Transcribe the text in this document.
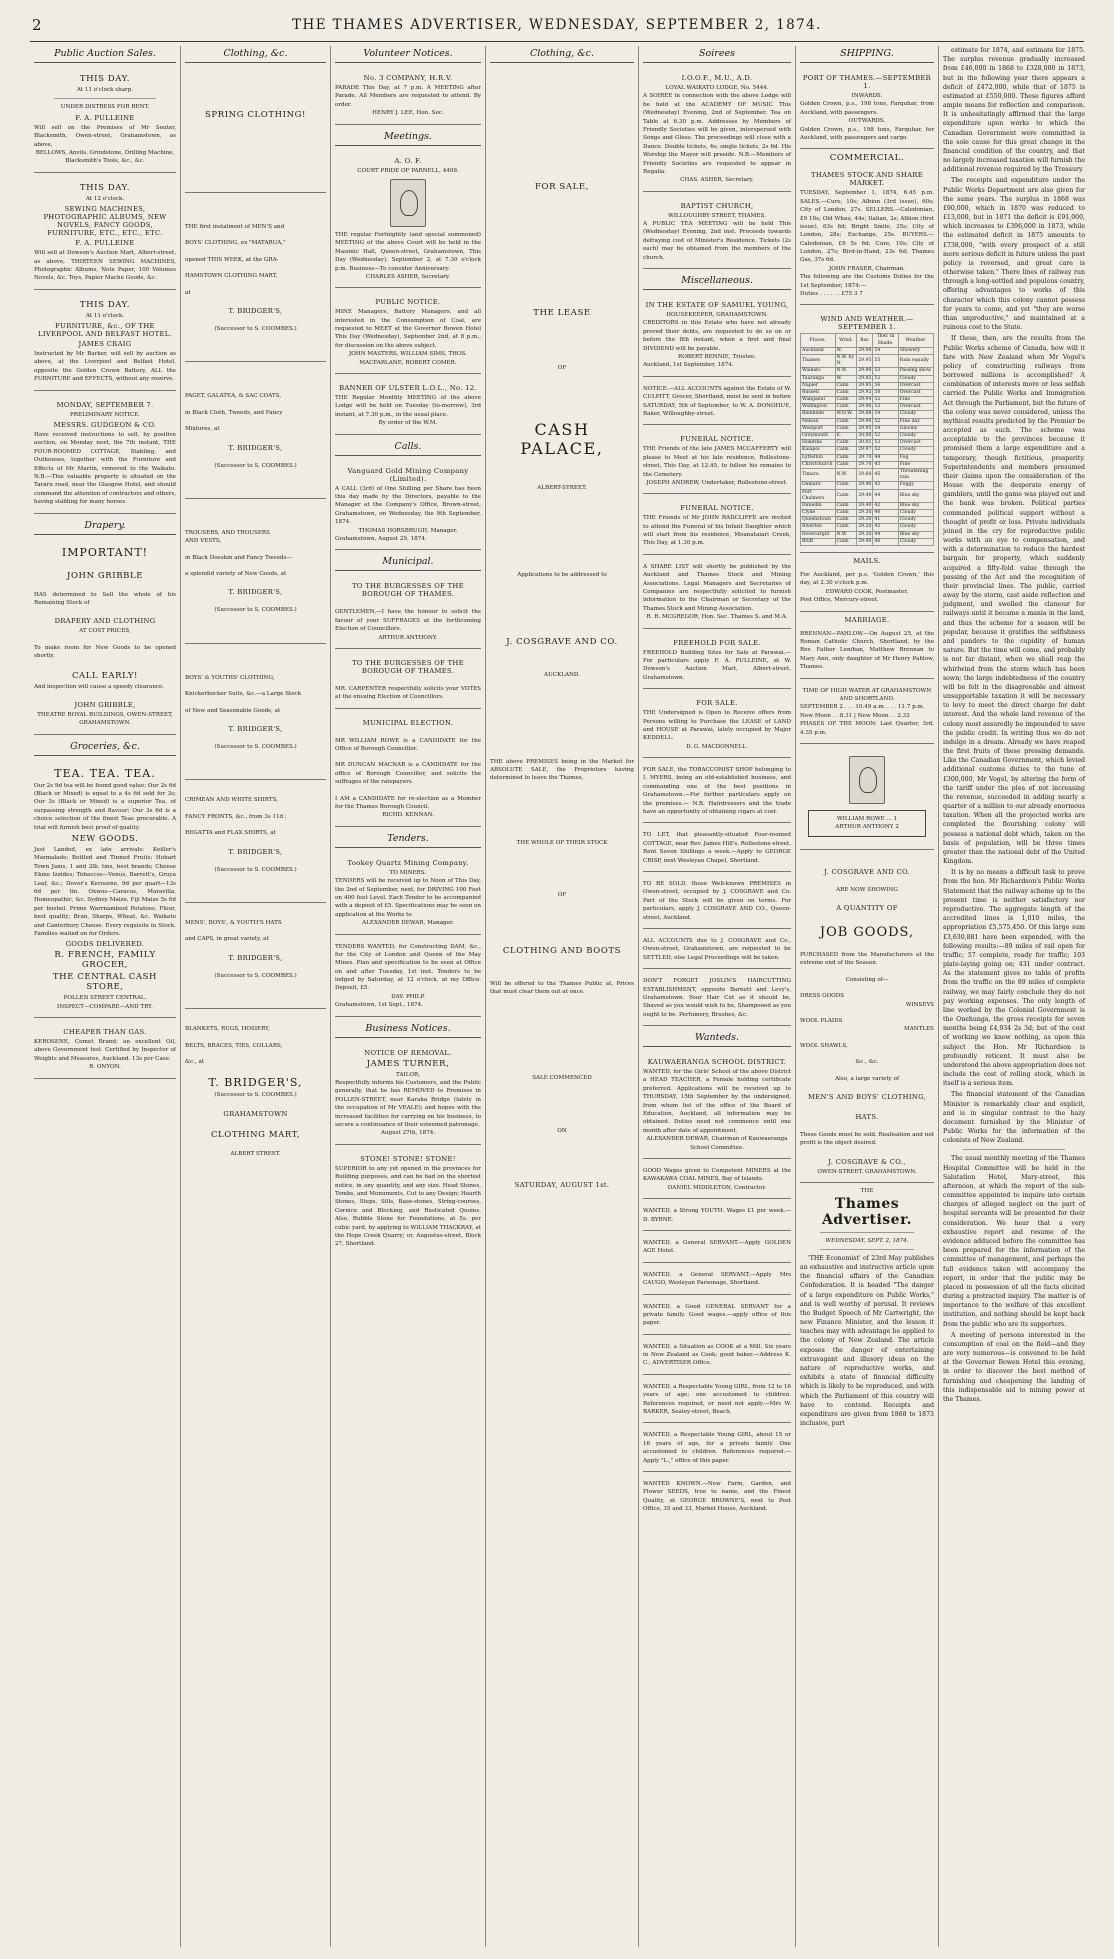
2	THE THAMES ADVERTISER, WEDNESDAY, SEPTEMBER 2, 1874.
Public Auction Sales.
THIS DAY.
At 11 o'clock sharp.
UNDER DISTRESS FOR RENT.
F. A. PULLEINE
Will sell on the Premises of Mr Souter, Blacksmith, Owen-street, Grahamstown, as above,
BELLOWS, Anvils, Grindstone, Drilling Machine, Blacksmith's Tools, &c., &c.
THIS DAY.
At 12 o'clock.
SEWING MACHINES, PHOTOGRAPHIC ALBUMS, NEW NOVELS, FANCY GOODS, FURNITURE, ETC., ETC., ETC.
F. A. PULLEINE
Will sell at Dowson's Auction Mart, Albert-street, as above, THIRTEEN SEWING MACHINES, Photographic Albums, Note Paper, 100 Volumes Novels, &c. Toys, Papier Mache Goods, &c.
THIS DAY.
At 11 o'clock.
FURNITURE, &c., OF THE LIVERPOOL AND BELFAST HOTEL.
JAMES CRAIG
Instructed by Mr Barker, will sell by auction as above, at the Liverpool and Belfast Hotel, opposite the Golden Crown Battery, ALL the FURNITURE and EFFECTS, without any reserve.
MONDAY, SEPTEMBER 7.
PRELIMINARY NOTICE.
MESSRS. GUDGEON & CO.
Have received instructions to sell, by positive auction, on Monday next, the 7th instant, THE FOUR-ROOMED COTTAGE, Stabling, and Outhouses, together with the Furniture and Effects of Mr Martin, removed to the Waikato. N.B.—This valuable property is situated on the Tararu road, near the Glasgow Hotel, and should command the attention of contractors and others, having stabling for many horses.
Drapery.
IMPORTANT!
JOHN GRIBBLE
HAS determined to Sell the whole of his Remaining Stock of
DRAPERY AND CLOTHING
AT COST PRICES,
To make room for New Goods to be opened shortly.
CALL EARLY!
And inspection will cause a speedy clearance.
JOHN GRIBBLE,
THEATRE ROYAL BUILDINGS, OWEN-STREET, GRAHAMSTOWN.
Groceries, &c.
TEA. TEA. TEA.
Our 2s 9d tea will be found good value; Our 2s 6d (Black or Mixed) is equal to a 4s 6d sold for 3s; Our 3s (Black or Mixed) is a superior Tea, of surpassing strength and flavour; Our 3s 6d is a choice selection of the finest Teas procurable. A trial will furnish best proof of quality.
NEW GOODS.
Just Landed, ex late arrivals: Keiller's Marmalade; Bottled and Tinned Fruits; Hobart Town Jams, 1 and 2lb. tins, best brands; Cheese Ekme Izzides; Tobaccos—Venus, Barrett's, Gruya Leaf, &c.; Dover's Kerosene, 9d per quart—13s 6d per tin. Oxwos—Caracus, Maravilla, Homeopathic, &c. Sydney Maize, Fiji Maize 5s 6d per bushel. Prime Warrnambool Potatoes. Flour, best quality; Bran, Sharps, Wheat, &c. Waikato and Canterbury Cheese. Every requisite in Stock. Families waited on for Orders.
GOODS DELIVERED.
R. FRENCH, FAMILY GROCER,
THE CENTRAL CASH STORE,
POLLEN STREET CENTRAL.
INSPECT—COMPARE—AND TRY.
CHEAPER THAN GAS.
KEROSENE, Comet Brand; an excellent Oil, above Government test. Certified by Inspector of Weights and Measures, Auckland. 13s per Case.
R. ONYON.
Clothing, &c.
SPRING CLOTHING!
THE first instalment of MEN'S and
BOYS' CLOTHING, ex "MATARUA,"
opened THIS WEEK, at the GRA-
HAMSTOWN CLOTHING MART,
at
T. BRIDGER'S,
(Successor to S. COOMBES.)
PAGET, GALATEA, & SAC COATS,
in Black Cloth, Tweeds, and Fancy
Mixtures, at
T. BRIDGER'S,
(Successor to S. COOMBES.)
TROUSERS, AND TROUSERS
AND VESTS,
in Black Doeskin and Fancy Tweeds—
a splendid variety of New Goods, at
T. BRIDGER'S,
(Successor to S. COOMBES.)
BOYS' & YOUTHS' CLOTHING,
Knickerbocker Suits, &c.—a Large Stock
of New and Seasonable Goods, at
T. BRIDGER'S,
(Successor to S. COOMBES.)
CRIMEAN AND WHITE SHIRTS,
FANCY FRONTS, &c., from 3s 11d ;
REGATTA and FLAX SHIRTS, at
T. BRIDGER'S,
(Successor to S. COOMBES.)
MENS', BOYS', & YOUTH'S HATS
and CAPS, in great variety, at
T. BRIDGER'S,
(Successor to S. COOMBES.)
BLANKETS, RUGS, HOSIERY,
BELTS, BRACES, TIES, COLLARS,
&c., at
T. BRIDGER'S,
(Successor to S. COOMBES.)
GRAHAMSTOWN
CLOTHING MART,
ALBERT STREET.
Volunteer Notices.
No. 3 COMPANY, H.R.V.
PARADE This Day, at 7 p.m. A MEETING after Parade. All Members are requested to attend. By order.
HENRY J. LEE, Hon. Sec.
Meetings.
A. O. F.
COURT PRIDE OF PARNELL, 4409.
THE regular Fortnightly (and special summoned) MEETING of the above Court will be held in the Masonic Hall, Queen-street, Grahamstown, This Day (Wednesday), September 2, at 7.30 o'clock p.m. Business—To consider Anniversary.
CHARLES ASHER, Secretary.
PUBLIC NOTICE.
MINE Managers, Battery Managers, and all interested in the Consumption of Coal, are requested to MEET at the Governor Bowen Hotel This Day (Wednesday), September 2nd, at 8 p.m., for discussion on the above subject.
JOHN MASTERS, WILLIAM SIMS, THOS. MACFARLANE, ROBERT COMER.
BANNER OF ULSTER L.O.L., No. 12.
THE Regular Monthly MEETING of the above Lodge will be held on Tuesday (to-morrow), 3rd instant, at 7.30 p.m., in the usual place.
By order of the W.M.
Calls.
Vanguard Gold Mining Company (Limited).
A CALL (3rd) of One Shilling per Share has been this day made by the Directors, payable to the Manager at the Company's Office, Brown-street, Grahamstown, on Wednesday, the 9th September, 1874.
THOMAS HORSBRUGH, Manager.
Grahamstown, August 29, 1874.
Municipal.
TO THE BURGESSES OF THE BOROUGH OF THAMES.
GENTLEMEN,—I have the honour to solicit the favour of your SUFFRAGES at the forthcoming Election of Councillors.
ARTHUR ANTHONY.
TO THE BURGESSES OF THE BOROUGH OF THAMES.
MR. CARPENTER respectfully solicits your VOTES at the ensuing Election of Councillors.
MUNICIPAL ELECTION.
MR WILLIAM ROWE is a CANDIDATE for the Office of Borough Councillor.
MR DUNCAN MACNAB is a CANDIDATE for the office of Borough Councillor, and solicits the suffrages of the ratepayers.
I AM a CANDIDATE for re-election as a Member for the Thames Borough Council.
RICHD. KENNAN.
Tenders.
Tookey Quartz Mining Company.
TO MINERS.
TENDERS will be received up to Noon of This Day, the 2nd of September, next, for DRIVING 100 Feet on 400 feet Level. Each Tender to be accompanied with a deposit of £5. Specifications may be seen on application at the Works to
ALEXANDER DEWAR, Manager.
TENDERS WANTED, for Constructing DAM, &c., for the City of London and Queen of the May Mines. Plan and specification to be seen at Office on and after Tuesday, 1st inst. Tenders to be lodged by Saturday, at 12 o'clock, at my Office. Deposit, £5.
DAV. PHILP.
Grahamstown, 1st Sept., 1874.
Business Notices.
NOTICE OF REMOVAL.
JAMES TURNER,
TAILOR,
Respectfully informs his Customers, and the Public generally, that he has REMOVED to Premises in POLLEN-STREET, near Karaka Bridge (lately in the occupation of Mr VEALE); and hopes with the increased facilities for carrying on his business, to secure a continuance of their esteemed patronage.
August 27th, 1874.
STONE! STONE! STONE!
SUPERIOR to any yet opened in the provinces for Building purposes, and can be had on the shortest notice, in any quantity, and any size. Head Stones, Tombs, and Monuments, Cut to any Design; Hearth Stones, Steps, Sills, Base-stones, String-courses, Cornice and Blocking, and Rusticated Quoins. Also, Rubble Stone for Foundations, at 5s. per cubic yard, by applying to WILLIAM THACKRAY, at the Hope Creek Quarry; or, Augustus-street, Block 27, Shortland.
Clothing, &c.
FOR SALE,
THE LEASE
OF
CASH PALACE,
ALBERT-STREET.
Applications to be addressed to
J. COSGRAVE AND CO.
AUCKLAND.
THE above PREMISES being in the Market for ABSOLUTE SALE, the Proprietors having determined to leave the Thames,
THE WHOLE OF THEIR STOCK
OF
CLOTHING AND BOOTS
Will be offered to the Thames Public at, Prices that must clear them out at once.
SALE COMMENCED
ON
SATURDAY, AUGUST 1st.
Soirees
I.O.O.F., M.U., A.D.
LOYAL WAIKATO LODGE, No. 5444.
A SOIREE in connection with the above Lodge will be held at the ACADEMY OF MUSIC This (Wednesday) Evening, 2nd of September. Tea on Table at 6.30 p.m. Addresses by Members of Friendly Societies will be given, interspersed with Songs and Glees. The proceedings will close with a Dance. Double tickets, 4s; single tickets, 2s 6d. His Worship the Mayor will preside. N.B.—Members of Friendly Societies are requested to appear in Regalia.
CHAS. ASHER, Secretary.
BAPTIST CHURCH,
WILLOUGHBY STREET, THAMES.
A PUBLIC TEA MEETING will be held This (Wednesday) Evening, 2nd inst. Proceeds towards defraying cost of Minister's Residence. Tickets (2s each) may be obtained from the members of the church.
Miscellaneous.
IN THE ESTATE OF SAMUEL YOUNG,
HOUSEKEEPER, GRAHAMSTOWN.
CREDITORS in this Estate who have not already proved their debts, are requested to do so on or before the 8th instant, when a first and final DIVIDEND will be payable.
ROBERT BENNIE, Trustee.
Auckland, 1st September, 1874.
NOTICE.—ALL ACCOUNTS against the Estate of W. CULPITT, Grocer, Shortland, must be sent in before SATURDAY, 5th of September, to W. A. DONOHUE, Baker, Willoughby-street.
FUNERAL NOTICE.
THE Friends of the late JAMES MCCAFFERTY will please to Meet at his late residence, Rollestone-street, This Day, at 12.45, to follow his remains to the Cemetery.
JOSEPH ANDREW, Undertaker, Rollestone-street.
FUNERAL NOTICE.
THE Friends of Mr JOHN RADCLIFFE are invited to attend the Funeral of his Infant Daughter which will start from his residence, Moanataiari Creek, This Day, at 1.30 p.m.
A SHARE LIST will shortly be published by the Auckland and Thames Stock and Mining Associations. Legal Managers and Secretaries of Companies are respectfully solicited to furnish information to the Chairman or Secretary of the Thames Stock and Mining Association.
R. R. MCGREGOR, Hon. Sec. Thames S. and M.A.
FREEHOLD FOR SALE.
FREEHOLD Building Sites for Sale at Parawai.—For particulars apply F. A. PULLEINE, at W. Dowson's Auction Mart, Albert-street, Grahamstown.
FOR SALE.
THE Undersigned is Open to Receive offers from Persons willing to Purchase the LEASE of LAND and HOUSE at Parawai, lately occupied by Major KEDDELL.
D. G. MACDONNELL.
FOR SALE, the TOBACCONIST SHOP belonging to I. MYERS, being an old-established business, and commanding one of the best positions in Grahamstown.—For further particulars apply on the premises.— N.B. Hairdressers and the trade have an opportunity of obtaining cigars at cost.
TO LET, that pleasantly-situated Four-roomed COTTAGE, near Rev. James Hill's, Rollestone-street. Rent Seven Shillings a week.—Apply to GEORGE CRISP, next Wesleyan Chapel, Shortland.
TO BE SOLD, those Well-known PREMISES in Owen-street, occupied by J. COSGRAVE and Co. Part of the Stock will be given on terms. For particulars, apply J. COSGRAVE AND CO., Queen-street, Auckland.
ALL ACCOUNTS due to J. COSGRAVE and Co., Owen-street, Grahamstown, are requested to be SETTLED, else Legal Proceedings will be taken.
DON'T FORGET JOSLIN'S HAIRCUTTING ESTABLISHMENT, opposite Barnett and Levy's, Grahamstown. Your Hair Cut as it should be, Shaved as you would wish to be, Shampooed as you ought to be. Perfumery, Brushes, &c.
Wanteds.
KAUWAERANGA SCHOOL DISTRICT.
WANTED, for the Girls' School of the above District a HEAD TEACHER, a Female holding certificate preferred. Applications will be received up to THURSDAY, 15th September by the undersigned, from whom list of the office of the Board of Education, Auckland, all information may be obtained. Duties need not commence until one month after date of appointment.
ALEXANDER DEWAR, Chairman of Kauwaeranga School Committee.
GOOD Wages given to Competent MINERS at the KAWAKAWA COAL MINES, Bay of Islands.
DANIEL MIDDLETON, Contractor.
WANTED, a Strong YOUTH. Wages £1 per week.—D. BYRNE.
WANTED, a General SERVANT.—Apply GOLDEN AGE Hotel.
WANTED, a General SERVANT.—Apply Mrs CAUGO, Wesleyan Parsonage, Shortland.
WANTED, a Good GENERAL SERVANT for a private family. Good wages.—apply office of this paper.
WANTED, a Situation as COOK at a Mill. Six years in New Zealand as Cook; good baker.—Address K. C., ADVERTISER Office.
WANTED, a Respectable Young GIRL, from 12 to 16 years of age; one accustomed to children. References required, or need not apply.—Mrs W. BARKER, Sealey-street, Beach.
WANTED, a Respectable Young GIRL, about 15 or 16 years of age, for a private family. One accustomed to children. References required.—Apply "L.," office of this paper.
WANTED KNOWN.—New Farm, Garden, and Flower SEEDS, true to name, and the Finest Quality, at GEORGE BROWNE'S, next to Post Office, 35 and 33, Market House, Auckland.
SHIPPING.
PORT OF THAMES.—SEPTEMBER 1.
INWARDS.
Golden Crown, p.s., 198 tons, Farquhar, from Auckland, with passengers.
OUTWARDS.
Golden Crown, p.s., 198 tons, Farquhar, for Auckland, with passengers and cargo.
COMMERCIAL.
THAMES STOCK AND SHARE MARKET.
TUESDAY, September 1, 1874, 6.45 p.m. SALES.—Cure, 10s; Albion (3rd issue), 60s; City of London, 27s. SELLERS.—Caledonian, £9 10s; Old Whau, 44s; Italian, 2s; Albion (first issue), 63s 6d; Bright Smile, 35s; City of London, 28s; Exchange, 25s. BUYERS.—Caledonian, £9 5s 6d; Cure, 10s; City of London, 27s; Bird-in-Hand, 23s 6d; Thames Gas, 37s 6d.
JOHN FRASER, Chairman.
The following are the Customs Duties for the 1st September, 1874:—
Duties . . . . . . £75 3 7
WIND AND WEATHER.—SEPTEMBER 1.
Places.	Wind.	Bar.	Ther. in Shade.	Weather.
Auckland	W.	29.98	54	Showery
Thames	N.W. by N.	29.95	55	Rain equally
Waikato	N.W.	29.90	53	Passing show
Tauranga	W.	29.85	52	Cloudy
Napier	Calm	29.95	56	Overcast
Russell	Calm	29.92	58	Overcast
Wanganui	Calm	29.94	52	Fine
Wellington	Calm	29.90	53	Overcast
Blenheim	W.N.W.	29.88	54	Cloudy
Nelson	Calm	29.90	52	Fine day
Westport	Calm	29.95	54	Gloomy
Greymouth	E.	30.00	52	Cloudy
Hokitika	Calm	30.01	53	Overcast
Kaiapoi	Calm	29.97	52	Cloudy
Lyttelton	Calm	29.70	44	Fog
Christchurch	Calm	29.70	43	Fine
Timaru	N.W.	29.60	45	Threatening rain
Oamaru	Calm	29.40	43	Foggy
Port Chalmers	Calm	29.40	44	Blue sky
Dunedin	Calm	29.40	42	Blue sky
Clyde	Calm	29.30	40	Cloudy
Queenstown	Calm	29.30	41	Cloudy
Riverton	Calm	29.20	42	Cloudy
Invercargill	N.W.	29.30	44	Blue sky
Bluff	Calm	29.40	46	Cloudy
MAILS.
For Auckland, per p.s. 'Golden Crown,' this day, at 2.30 o'clock p.m.
EDWARD COOK, Postmaster.
Post Office, Mercury-street.
MARRIAGE.
BRENNAN—PAHLOW.—On August 25, at the Roman Catholic Church, Shortland, by the Rev. Father Lenihan, Matthew Brennan to Mary Ann, only daughter of Mr Henry Pahlow, Thames.
TIME OF HIGH WATER AT GRAHAMSTOWN AND SHORTLAND.
SEPTEMBER 2 . . . 10.49 a.m. . . . 11.7 p.m.
New Moon . . 8.31 | New Moon . . 2.32
PHASES OF THE MOON: Last Quarter, 3rd, 4.35 p.m.
WILLIAM ROWE ... 1
ARTHUR ANTHONY 2
J. COSGRAVE AND CO.
ARE NOW SHOWING
A QUANTITY OF
JOB GOODS,
PURCHASED from the Manufacturers at the extreme end of the Season.
Consisting of—
DRESS GOODS
WINSEYS
WOOL PLAIDS
MANTLES
WOOL SHAWLS,
&c., &c.
Also, a large variety of
MEN'S AND BOYS' CLOTHING,
HATS.
These Goods must be sold. Realisation and not profit is the object desired.
J. COSGRAVE & CO.,
OWEN-STREET, GRAHAMSTOWN.
THE
Thames Advertiser.
WEDNESDAY, SEPT. 2, 1874.
'THE Economist' of 23rd May publishes an exhaustive and instructive article upon the financial affairs of the Canadian Confederation. It is headed "The danger of a large expenditure on Public Works," and is well worthy of perusal. It reviews the Budget Speech of Mr Cartwright, the new Finance Minister, and the lesson it teaches may with advantage be applied to the colony of New Zealand. The article exposes the danger of entertaining extravagant and illusory ideas on the nature of reproductive works, and exhibits a state of financial difficulty which is likely to be reproduced, and with which the Parliament of this country will have to contend. Receipts and expenditure are given from 1868 to 1873 inclusive, part
estimate for 1874, and estimate for 1875. The surplus revenue gradually increased from £46,000 in 1868 to £328,000 in 1873, but in the following year there appears a deficit of £472,000, while that of 1875 is estimated at £550,000. These figures afford ample means for reflection and comparison. It is unhesitatingly affirmed that the large expenditure upon works to which the Canadian Government were committed is the sole cause for this great change in the financial condition of the country, and that no largely increased taxation will furnish the additional revenue required by the Treasury.
The receipts and expenditure under the Public Works Department are also given for the same years. The surplus in 1868 was £90,000, which in 1870 was reduced to £13,000, but in 1871 the deficit is £91,000, which increases to £396,000 in 1873, while the estimated deficit in 1875 amounts to £738,000, "with every prospect of a still more serious deficit in future unless the past policy is reversed, and great care is otherwise taken." There lines of railway run through a long-settled and populous country, offering advantages to works of this character which this colony cannot possess for years to come, and yet "they are worse than unproductive," and maintained at a ruinous cost to the State.
If these, then, are the results from the Public Works scheme of Canada, how will it fare with New Zealand when Mr Vogel's policy of constructing railways from borrowed millions is accomplished? A combination of interests more or less selfish carried the Public Works and Immigration Act through the Parliament, but the future of the colony was never considered, unless the mythical results predicted by the Premier be accepted as such. The scheme was acceptable to the provinces because it promised them a large expenditure and a temporary, though fictitious, prosperity. Superintendents and members presumed their claims upon the consideration of the House with the desperate energy of gamblers, until the game was played out and the bank was broken. Political parties commanded political support without a thought of profit or loss. Private individuals joined in the cry for reproductive public works with an eye to compensation, and with a determination to reduce the hardest bargain for property, which suddenly acquired a fifty-fold value through the passing of the Act and the recognition of their provincial lines. The public, carried away by the storm, cast aside reflection and judgment, and swelled the clamour for railways until it became a mania in the land, and thus the scheme for a season will be popular, because it gratifies the selfishness and panders to the cupidity of human nature. But the time will come, and probably is not far distant, when we shall reap the whirlwind from the storm which has been sown; the large indebtedness of the country will be felt in the disagreeable and almost unsupportable taxation it will be necessary to levy to meet the direct charge for debt interest. And the whole land revenue of the colony most assuredly be impounded to save the public credit. In writing thus we do not indulge in a dream. Already we have reaped the first fruits of these pressing demands. Like the Canadian Government, which levied additional customs duties to the tune of £300,000, Mr Vogel, by altering the form of the tariff under the plea of not increasing the revenue, succeeded in adding nearly a quarter of a million to our already enormous taxation. When all the projected works are completed the flourishing colony will possess a national debt which, taken on the basis of population, will be three times greater than the national debt of the United Kingdom.
It is by no means a difficult task to prove from the hon. Mr Richardson's Public Works Statement that the railway scheme up to the present time is neither satisfactory nor reproductive. The aggregate length of the accredited lines is 1,010 miles, the appropriation £5,575,450. Of this large sum £3,630,881 have been expended, with the following results:—89 miles of rail open for traffic; 57 complete, ready for traffic; 103 plate-laying going on; 431 under contract. As the statement gives no table of profits from the traffic on the 89 miles of complete railway, we may fairly conclude they do not pay working expenses. The only length of line worked by the Colonial Government is the Onehunga, the gross receipts for seven months being £4,934 2s 3d; but of the cost of working we know nothing, as upon this subject the Hon. Mr Richardson is profoundly reticent. It must also be understood the above appropriation does not include the cost of rolling stock, which in itself is a serious item.
The financial statement of the Canadian Minister is remarkably clear and explicit, and is in singular contrast to the hazy document furnished by the Minister of Public Works for the information of the colonists of New Zealand.
The usual monthly meeting of the Thames Hospital Committee will be held in the Salutation Hotel, Mary-street, this afternoon, at which the report of the sub-committee appointed to inquire into certain charges of alleged neglect on the part of hospital servants will be presented for their consideration. We hear that a very exhaustive report and resume of the evidence adduced before the committee has been prepared for the information of the committee of management, and perhaps the full evidence taken will accompany the report, in order that the public may be placed in possession of all the facts elicited during a protracted inquiry. The matter is of importance to the welfare of this excellent institution, and nothing should be kept back from the public who are its supporters.
A meeting of persons interested in the consumption of coal on the field—and they are very numerous—is convened to be held at the Governor Bowen Hotel this evening, in order to discover the best method of furnishing and cheapening the landing of this indispensable aid to mining power at the Thames.
